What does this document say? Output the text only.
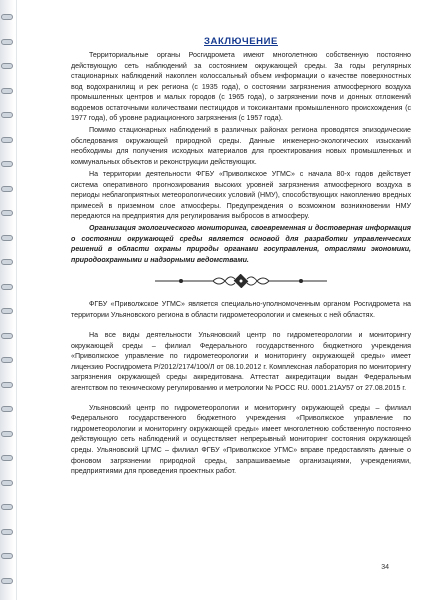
ЗАКЛЮЧЕНИЕ

Территориальные органы Росгидромета имеют многолетнюю собственную постоянно действующую сеть наблюдений за состоянием окружающей среды. За годы регулярных стационарных наблюдений накоплен колоссальный объем информации о качестве поверхностных вод водохранилищ и рек региона (с 1935 года), о состоянии загрязнения атмосферного воздуха промышленных центров и малых городов (с 1965 года), о загрязнении почв и донных отложений водоемов остаточными количествами пестицидов и токсикантами промышленного происхождения (с 1977 года), об уровне радиационного загрязнения (с 1957 года).

Помимо стационарных наблюдений в различных районах региона проводятся эпизодические обследования окружающей природной среды. Данные инженерно-экологических изысканий необходимы для получения исходных материалов для проектирования новых промышленных и коммунальных объектов и реконструкции действующих.

На территории деятельности ФГБУ «Приволжское УГМС» с начала 80-х годов действует система оперативного прогнозирования высоких уровней загрязнения атмосферного воздуха в периоды неблагоприятных метеорологических условий (НМУ), способствующих накоплению вредных примесей в приземном слое атмосферы. Предупреждения о возможном возникновении НМУ передаются на предприятия для регулирования выбросов в атмосферу.

Организация экологического мониторинга, своевременная и достоверная информация о состоянии окружающей среды является основой для разработки управленческих решений в области охраны природы органами госуправления, отраслями экономики, природоохранными и надзорными ведомствами.

ФГБУ «Приволжское УГМС» является специально-уполномоченным органом Росгидромета на территории Ульяновского региона в области гидрометеорологии и смежных с ней областях.

На все виды деятельности Ульяновский центр по гидрометеорологии и мониторингу окружающей среды – филиал Федерального государственного бюджетного учреждения «Приволжское управление по гидрометеорологии и мониторингу окружающей среды» имеет лицензию Росгидромета Р/2012/2174/100/Л от 08.10.2012 г. Комплексная лаборатория по мониторингу загрязнения окружающей среды аккредитована. Аттестат аккредитации выдан Федеральным агентством по техническому регулированию и метрологии № РОСС RU. 0001.21АУ57 от 27.08.2015 г.

Ульяновский центр по гидрометеорологии и мониторингу окружающей среды – филиал Федерального государственного бюджетного учреждения «Приволжское управление по гидрометеорологии и мониторингу окружающей среды» имеет многолетнюю собственную постоянно действующую сеть наблюдений и осуществляет непрерывный мониторинг состояния окружающей среды. Ульяновский ЦГМС – филиал ФГБУ «Приволжское УГМС» вправе предоставлять данные о фоновом загрязнении природной среды, запрашиваемые организациями, учреждениями, предприятиями для проведения проектных работ.

34
